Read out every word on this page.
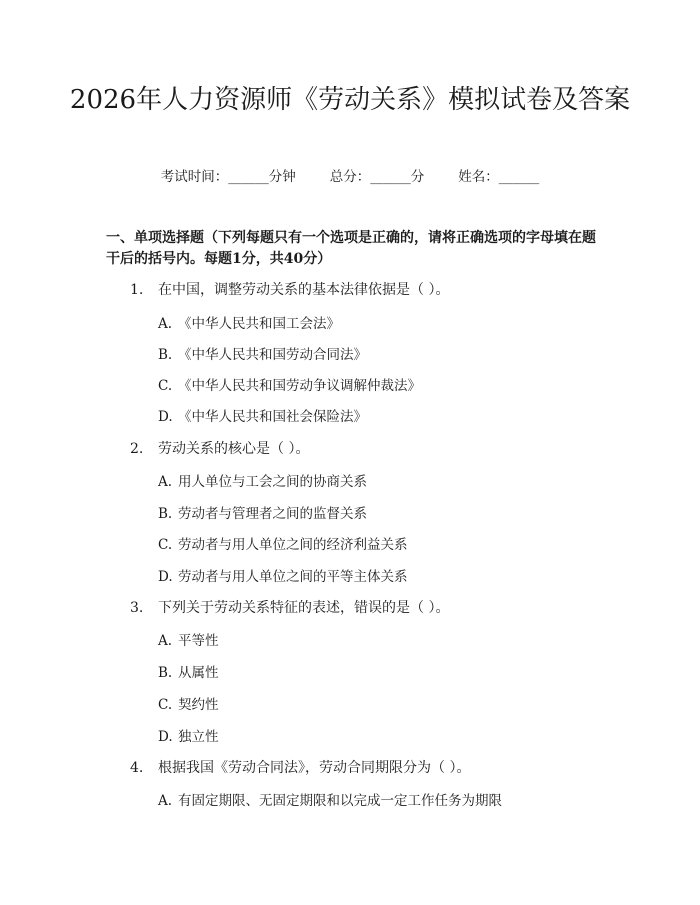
2026年人力资源师《劳动关系》模拟试卷及答案
考试时间：______分钟	总分：______分	姓名：______
一、单项选择题（下列每题只有一个选项是正确的，请将正确选项的字母填在题干后的括号内。每题1分，共40分）
1. 在中国，调整劳动关系的基本法律依据是（ ）。
A. 《中华人民共和国工会法》
B. 《中华人民共和国劳动合同法》
C. 《中华人民共和国劳动争议调解仲裁法》
D. 《中华人民共和国社会保险法》
2. 劳动关系的核心是（ ）。
A. 用人单位与工会之间的协商关系
B. 劳动者与管理者之间的监督关系
C. 劳动者与用人单位之间的经济利益关系
D. 劳动者与用人单位之间的平等主体关系
3. 下列关于劳动关系特征的表述，错误的是（ ）。
A. 平等性
B. 从属性
C. 契约性
D. 独立性
4. 根据我国《劳动合同法》，劳动合同期限分为（ ）。
A. 有固定期限、无固定期限和以完成一定工作任务为期限
